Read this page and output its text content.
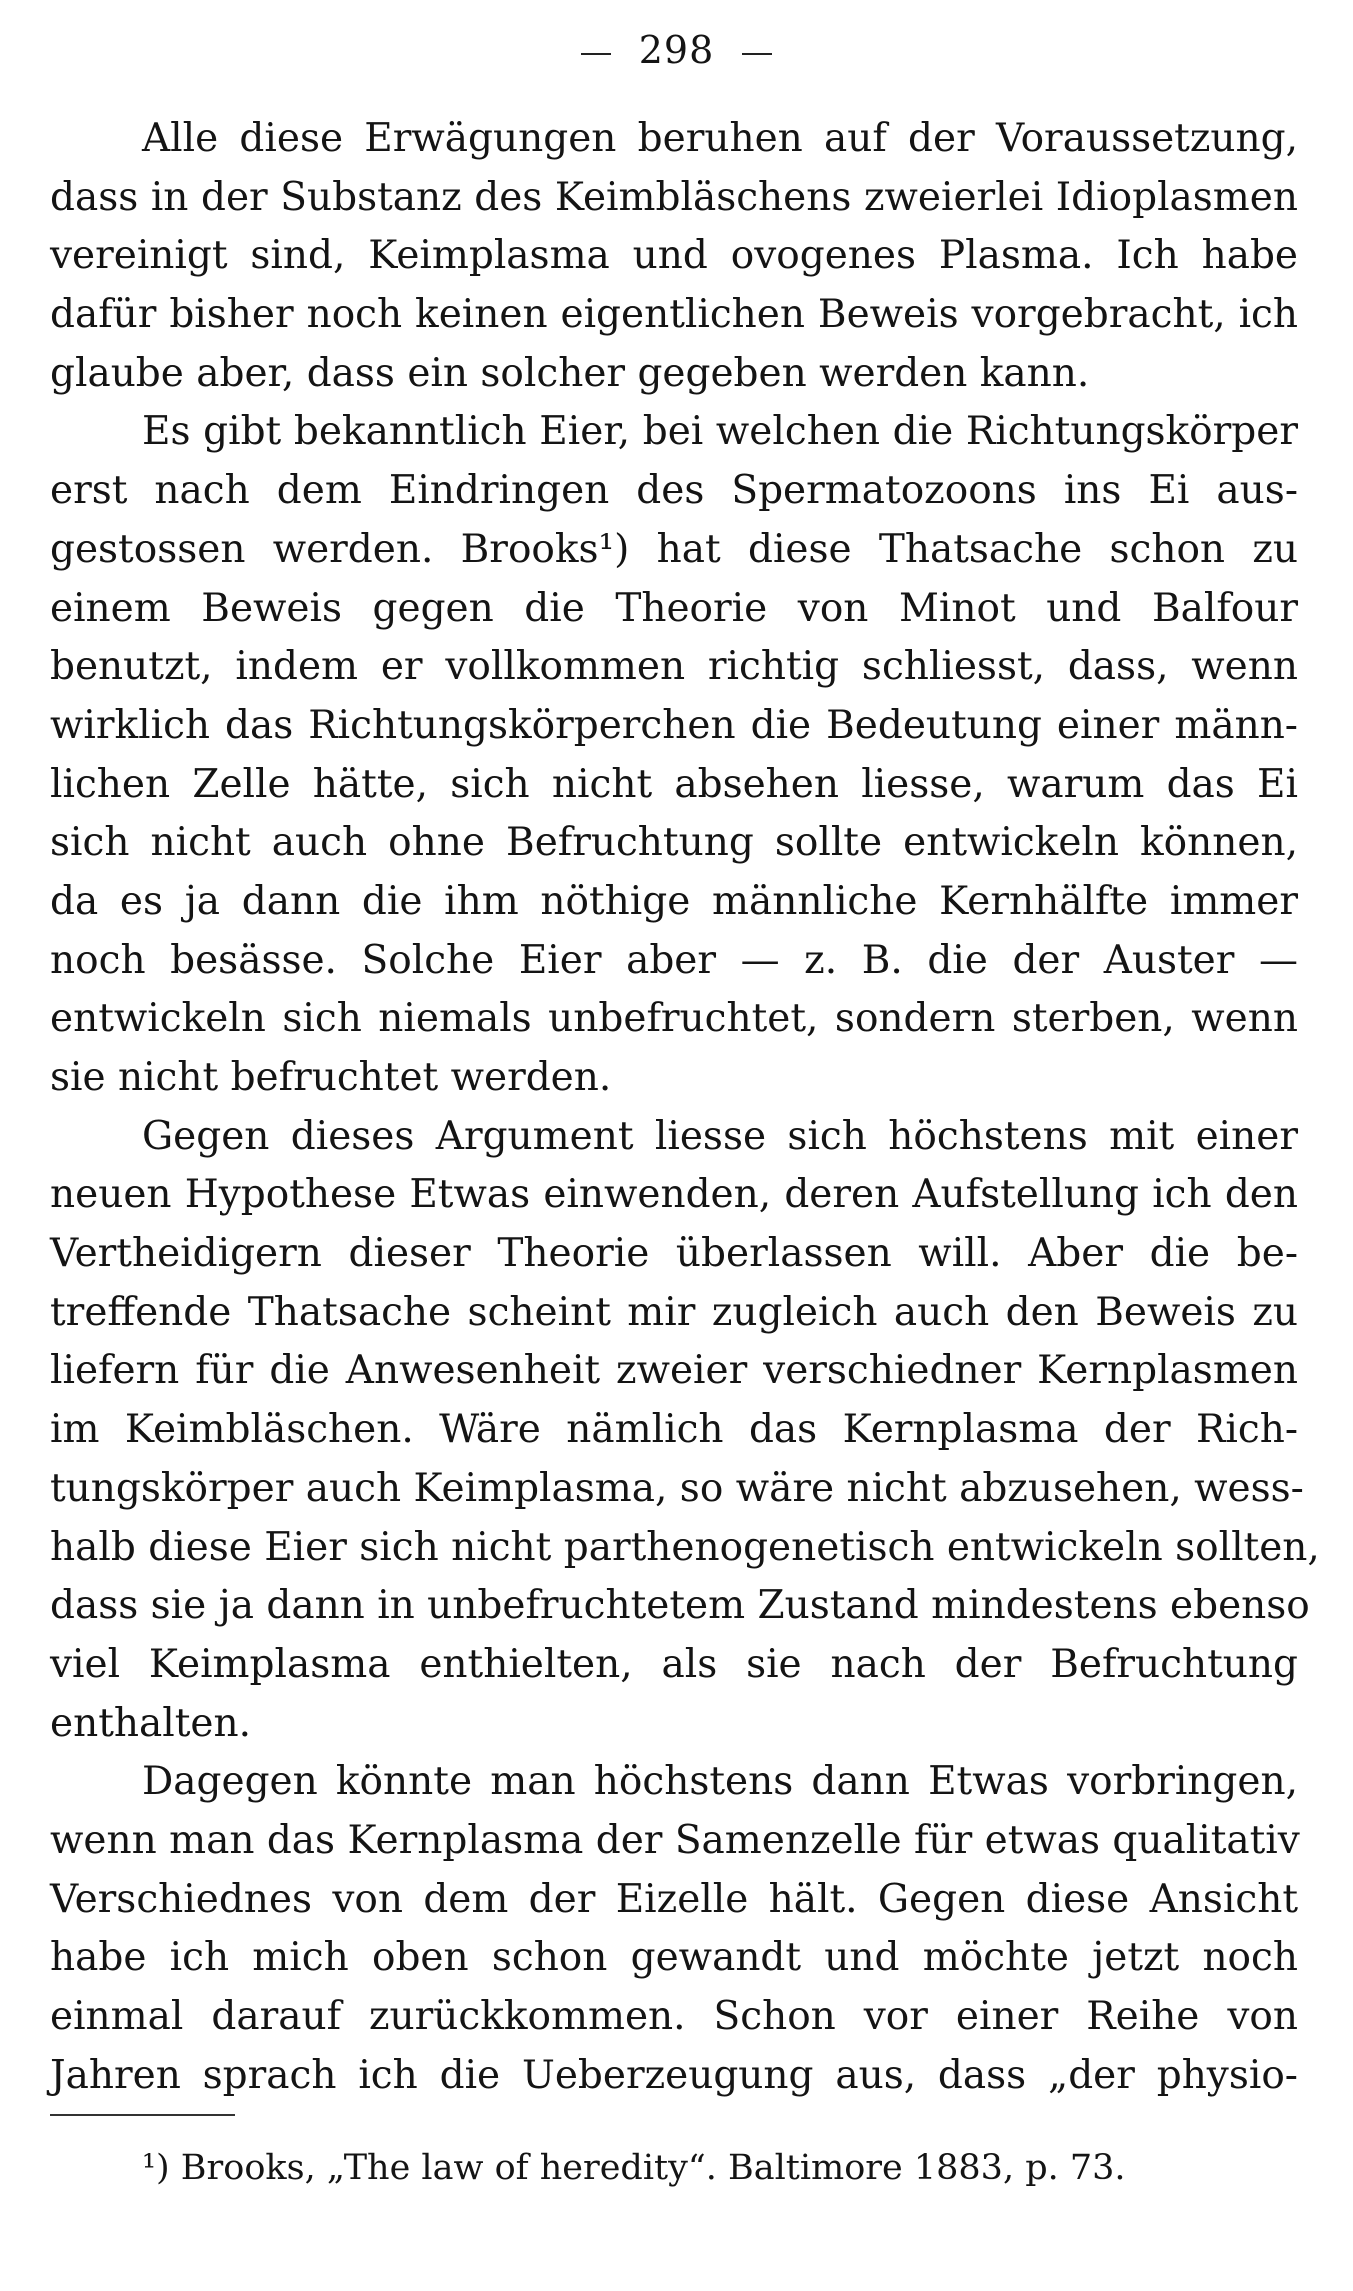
298
Alle diese Erwägungen beruhen auf der Voraussetzung,
dass in der Substanz des Keimbläschens zweierlei Idioplasmen
vereinigt sind, Keimplasma und ovogenes Plasma. Ich habe
dafür bisher noch keinen eigentlichen Beweis vorgebracht, ich
glaube aber, dass ein solcher gegeben werden kann.
Es gibt bekanntlich Eier, bei welchen die Richtungskörper
erst nach dem Eindringen des Spermatozoons ins Ei aus-
gestossen werden. Brooks¹) hat diese Thatsache schon zu
einem Beweis gegen die Theorie von Minot und Balfour
benutzt, indem er vollkommen richtig schliesst, dass, wenn
wirklich das Richtungskörperchen die Bedeutung einer männ-
lichen Zelle hätte, sich nicht absehen liesse, warum das Ei
sich nicht auch ohne Befruchtung sollte entwickeln können,
da es ja dann die ihm nöthige männliche Kernhälfte immer
noch besässe. Solche Eier aber — z. B. die der Auster —
entwickeln sich niemals unbefruchtet, sondern sterben, wenn
sie nicht befruchtet werden.
Gegen dieses Argument liesse sich höchstens mit einer
neuen Hypothese Etwas einwenden, deren Aufstellung ich den
Vertheidigern dieser Theorie überlassen will. Aber die be-
treffende Thatsache scheint mir zugleich auch den Beweis zu
liefern für die Anwesenheit zweier verschiedner Kernplasmen
im Keimbläschen. Wäre nämlich das Kernplasma der Rich-
tungskörper auch Keimplasma, so wäre nicht abzusehen, wess-
halb diese Eier sich nicht parthenogenetisch entwickeln sollten,
dass sie ja dann in unbefruchtetem Zustand mindestens ebenso
viel Keimplasma enthielten, als sie nach der Befruchtung
enthalten.
Dagegen könnte man höchstens dann Etwas vorbringen,
wenn man das Kernplasma der Samenzelle für etwas qualitativ
Verschiednes von dem der Eizelle hält. Gegen diese Ansicht
habe ich mich oben schon gewandt und möchte jetzt noch
einmal darauf zurückkommen. Schon vor einer Reihe von
Jahren sprach ich die Ueberzeugung aus, dass „der physio-
¹) Brooks, „The law of heredity“. Baltimore 1883, p. 73.
